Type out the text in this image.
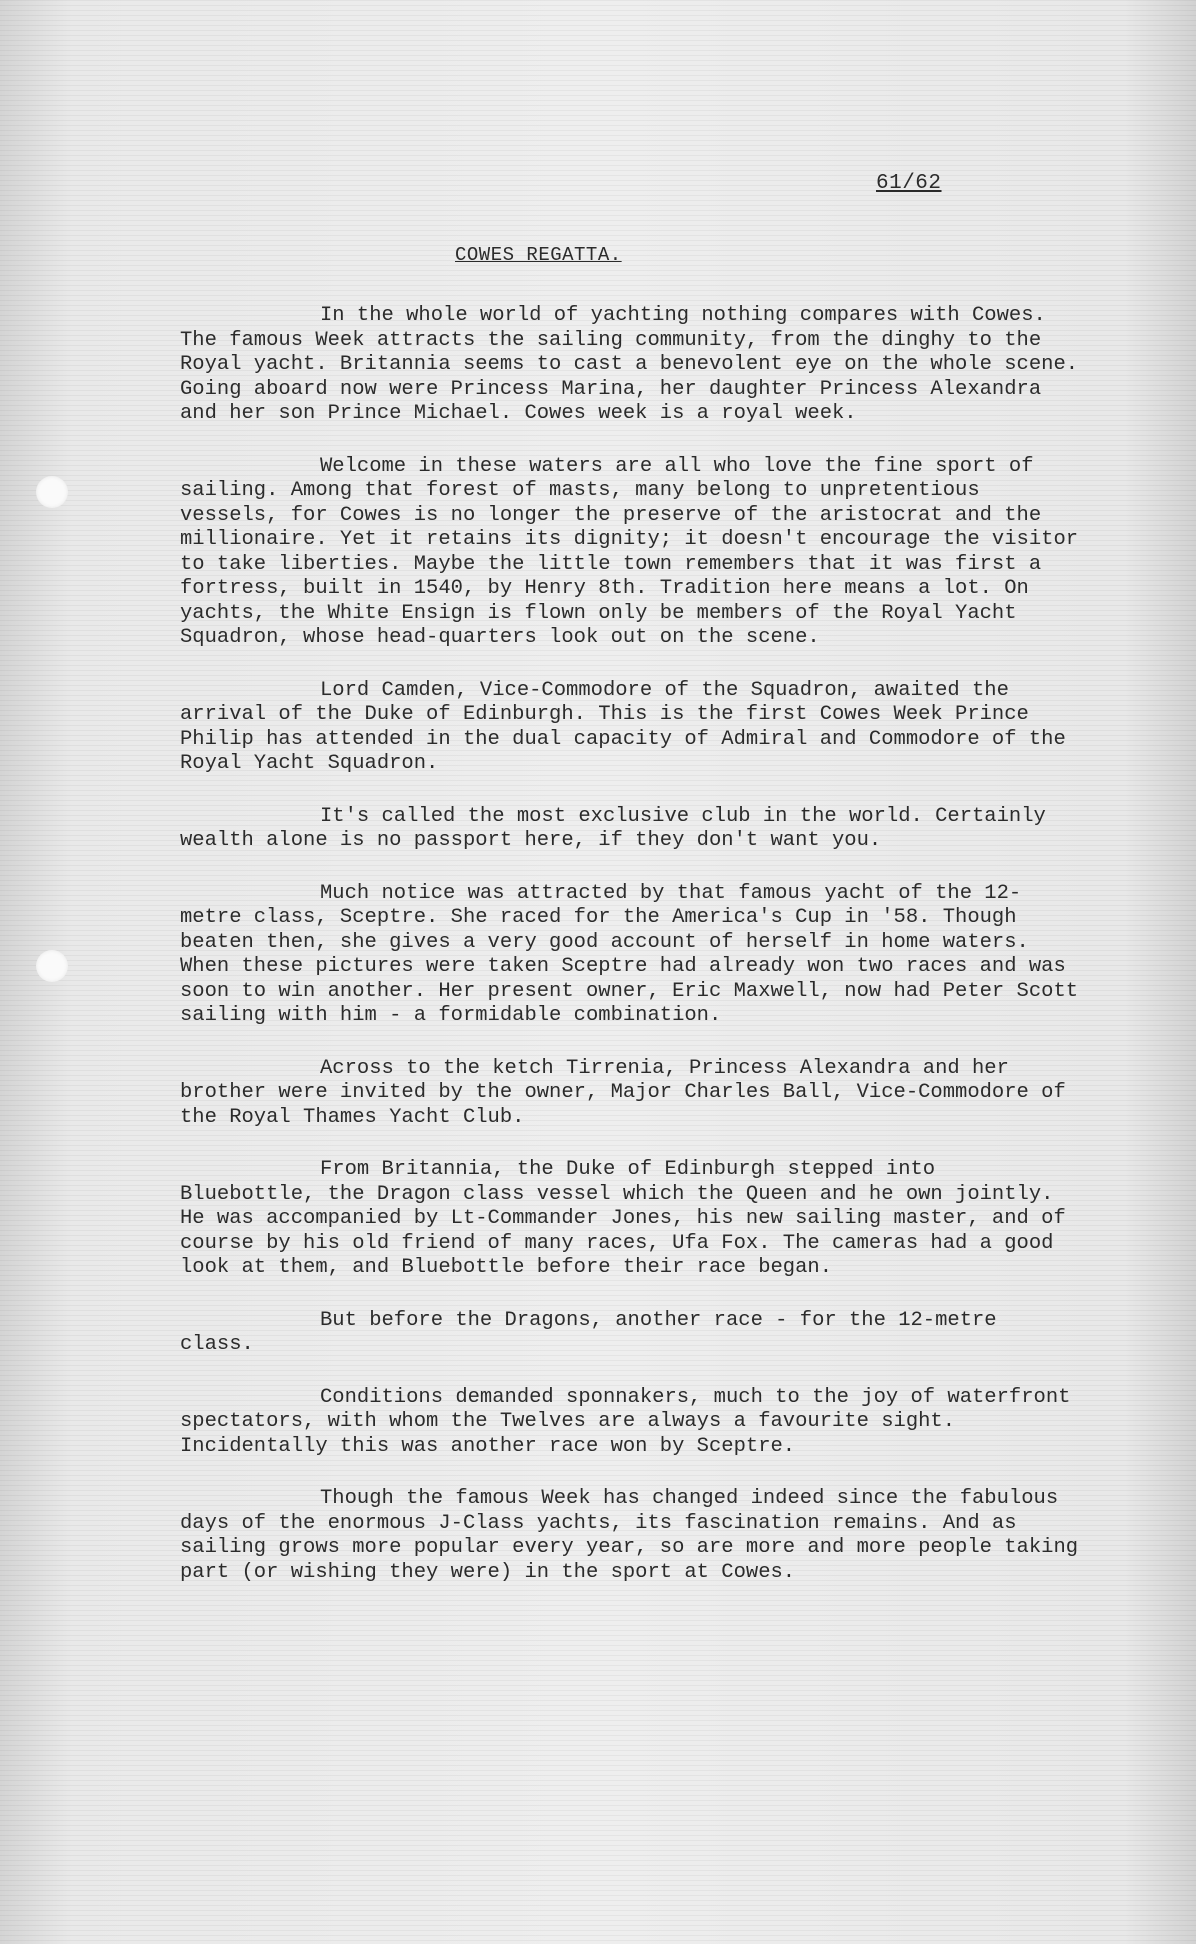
61/62
COWES REGATTA.

In the whole world of yachting nothing compares with Cowes. The famous Week attracts the sailing community, from the dinghy to the Royal yacht. Britannia seems to cast a benevolent eye on the whole scene. Going aboard now were Princess Marina, her daughter Princess Alexandra and her son Prince Michael. Cowes week is a royal week.

Welcome in these waters are all who love the fine sport of sailing. Among that forest of masts, many belong to unpretentious vessels, for Cowes is no longer the preserve of the aristocrat and the millionaire. Yet it retains its dignity; it doesn't encourage the visitor to take liberties. Maybe the little town remembers that it was first a fortress, built in 1540, by Henry 8th. Tradition here means a lot. On yachts, the White Ensign is flown only be members of the Royal Yacht Squadron, whose head-quarters look out on the scene.

Lord Camden, Vice-Commodore of the Squadron, awaited the arrival of the Duke of Edinburgh. This is the first Cowes Week Prince Philip has attended in the dual capacity of Admiral and Commodore of the Royal Yacht Squadron.

It's called the most exclusive club in the world. Certainly wealth alone is no passport here, if they don't want you.

Much notice was attracted by that famous yacht of the 12-metre class, Sceptre. She raced for the America's Cup in '58. Though beaten then, she gives a very good account of herself in home waters. When these pictures were taken Sceptre had already won two races and was soon to win another. Her present owner, Eric Maxwell, now had Peter Scott sailing with him - a formidable combination.

Across to the ketch Tirrenia, Princess Alexandra and her brother were invited by the owner, Major Charles Ball, Vice-Commodore of the Royal Thames Yacht Club.

From Britannia, the Duke of Edinburgh stepped into Bluebottle, the Dragon class vessel which the Queen and he own jointly. He was accompanied by Lt-Commander Jones, his new sailing master, and of course by his old friend of many races, Ufa Fox. The cameras had a good look at them, and Bluebottle before their race began.

But before the Dragons, another race - for the 12-metre class.

Conditions demanded sponnakers, much to the joy of waterfront spectators, with whom the Twelves are always a favourite sight. Incidentally this was another race won by Sceptre.

Though the famous Week has changed indeed since the fabulous days of the enormous J-Class yachts, its fascination remains. And as sailing grows more popular every year, so are more and more people taking part (or wishing they were) in the sport at Cowes.
